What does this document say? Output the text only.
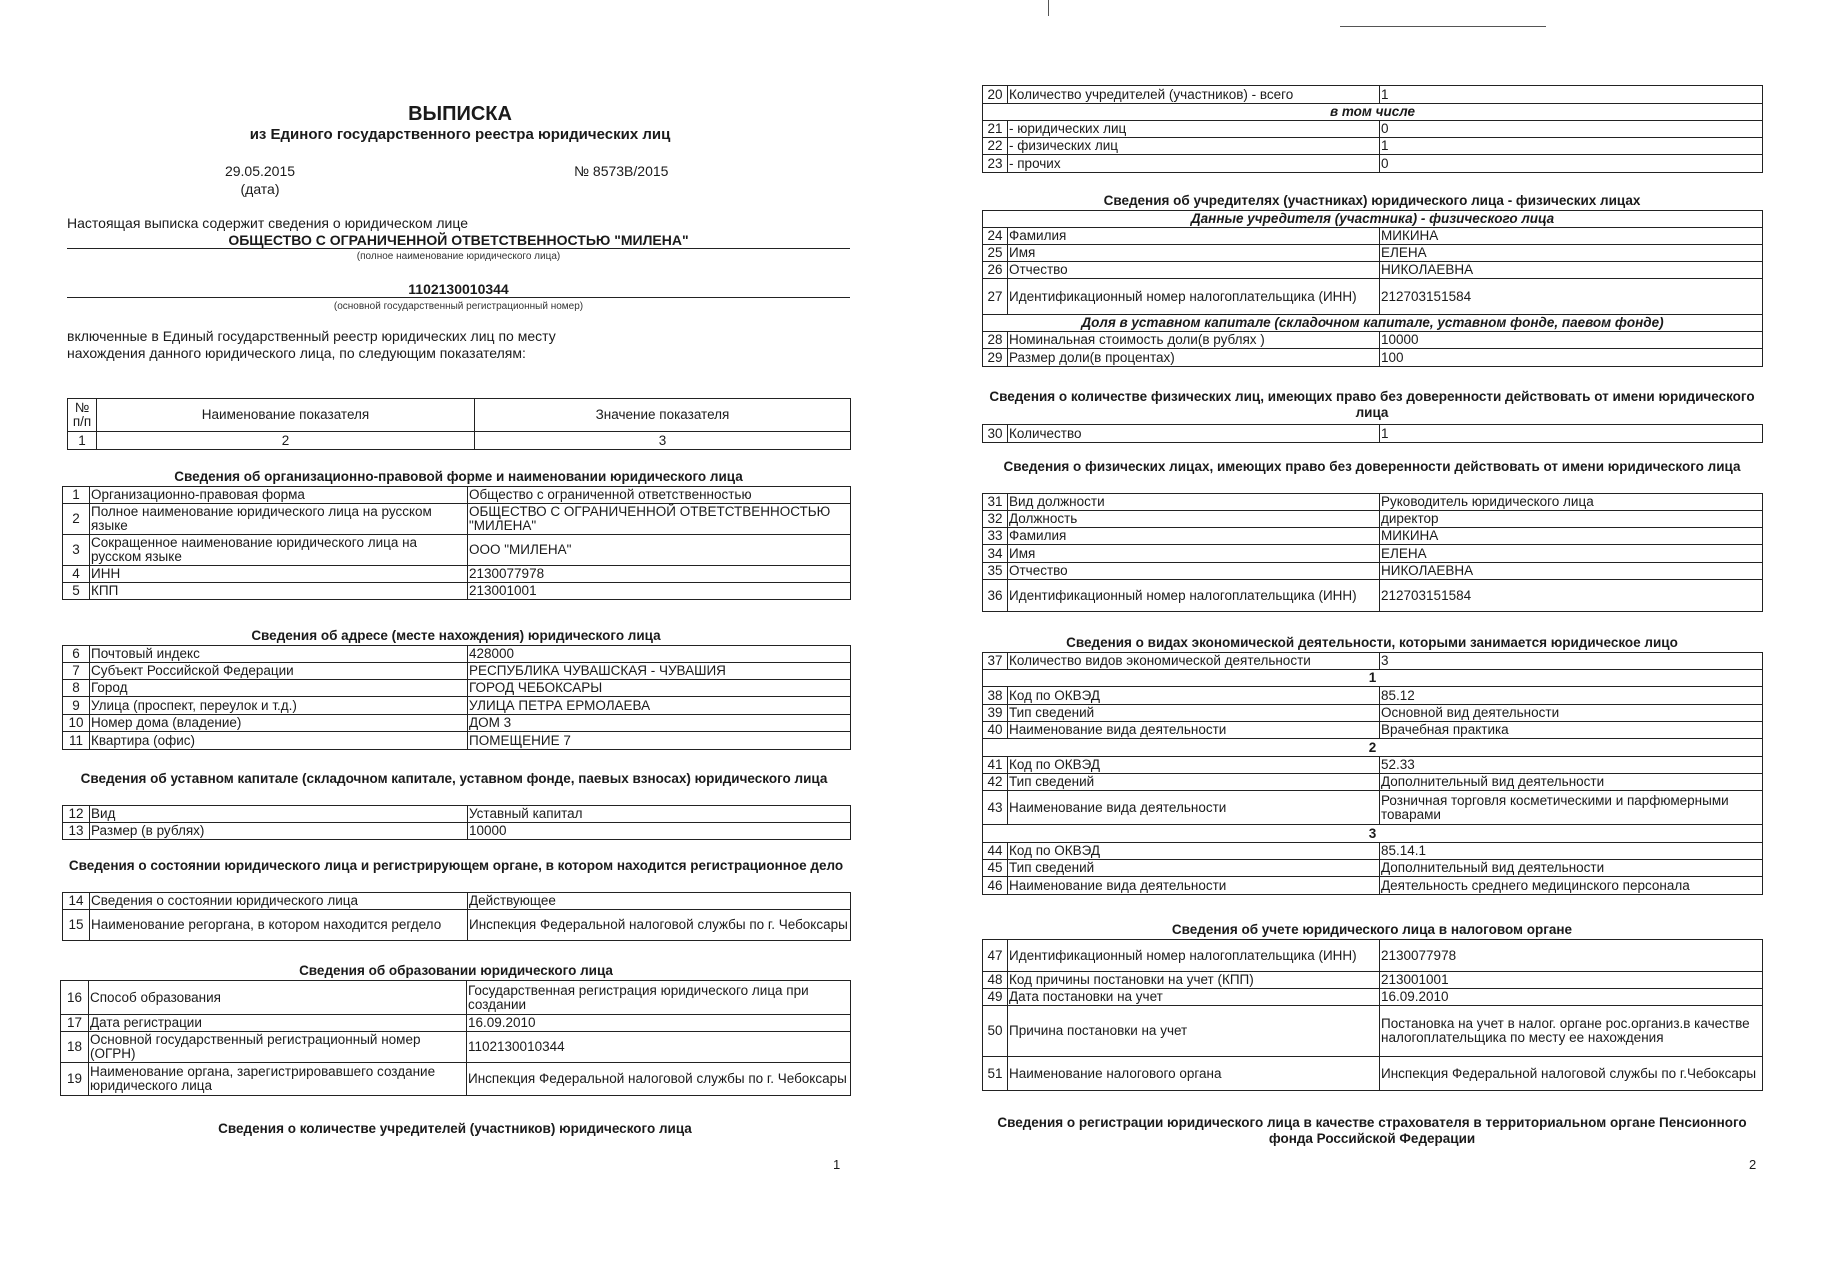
ВЫПИСКА
из Единого государственного реестра юридических лиц
29.05.2015
(дата)
№ 8573В/2015
Настоящая выписка содержит сведения о юридическом лице
ОБЩЕСТВО С ОГРАНИЧЕННОЙ ОТВЕТСТВЕННОСТЬЮ "МИЛЕНА"
(полное наименование юридического лица)
1102130010344
(основной государственный регистрационный номер)
включенные в Единый государственный реестр юридических лиц по месту
нахождения данного юридического лица, по следующим показателям:
№ п/п	Наименование показателя	Значение показателя
1	2	3
Сведения об организационно-правовой форме и наименовании юридического лица
1	Организационно-правовая форма	Общество с ограниченной ответственностью
2	Полное наименование юридического лица на русском языке	ОБЩЕСТВО С ОГРАНИЧЕННОЙ ОТВЕТСТВЕННОСТЬЮ "МИЛЕНА"
3	Сокращенное наименование юридического лица на русском языке	ООО "МИЛЕНА"
4	ИНН	2130077978
5	КПП	213001001
Сведения об адресе (месте нахождения) юридического лица
6	Почтовый индекс	428000
7	Субъект Российской Федерации	РЕСПУБЛИКА ЧУВАШСКАЯ - ЧУВАШИЯ
8	Город	ГОРОД ЧЕБОКСАРЫ
9	Улица (проспект, переулок и т.д.)	УЛИЦА ПЕТРА ЕРМОЛАЕВА
10	Номер дома (владение)	ДОМ 3
11	Квартира (офис)	ПОМЕЩЕНИЕ 7
Сведения об уставном капитале (складочном капитале, уставном фонде, паевых взносах) юридического лица
12	Вид	Уставный капитал
13	Размер (в рублях)	10000
Сведения о состоянии юридического лица и регистрирующем органе, в котором находится регистрационное дело
14	Сведения о состоянии юридического лица	Действующее
15	Наименование регоргана, в котором находится регдело	Инспекция Федеральной налоговой службы по г. Чебоксары
Сведения об образовании юридического лица
16	Способ образования	Государственная регистрация юридического лица при создании
17	Дата регистрации	16.09.2010
18	Основной государственный регистрационный номер (ОГРН)	1102130010344
19	Наименование органа, зарегистрировавшего создание юридического лица	Инспекция Федеральной налоговой службы по г. Чебоксары
Сведения о количестве учредителей (участников) юридического лица
1
20	Количество учредителей (участников) - всего	1
в том числе		
21	- юридических лиц	0
22	- физических лиц	1
23	- прочих	0
Сведения об учредителях (участниках) юридического лица - физических лицах
Данные учредителя (участника) - физического лица		
24	Фамилия	МИКИНА
25	Имя	ЕЛЕНА
26	Отчество	НИКОЛАЕВНА
27	Идентификационный номер налогоплательщика (ИНН)	212703151584
Доля в уставном капитале (складочном капитале, уставном фонде, паевом фонде)		
28	Номинальная стоимость доли(в рублях )	10000
29	Размер доли(в процентах)	100
Сведения о количестве физических лиц, имеющих право без доверенности действовать от имени юридического лица
30	Количество	1
Сведения о физических лицах, имеющих право без доверенности действовать от имени юридического лица
31	Вид должности	Руководитель юридического лица
32	Должность	директор
33	Фамилия	МИКИНА
34	Имя	ЕЛЕНА
35	Отчество	НИКОЛАЕВНА
36	Идентификационный номер налогоплательщика (ИНН)	212703151584
Сведения о видах экономической деятельности, которыми занимается юридическое лицо
37	Количество видов экономической деятельности	3
1		
38	Код по ОКВЭД	85.12
39	Тип сведений	Основной вид деятельности
40	Наименование вида деятельности	Врачебная практика
2		
41	Код по ОКВЭД	52.33
42	Тип сведений	Дополнительный вид деятельности
43	Наименование вида деятельности	Розничная торговля косметическими и парфюмерными товарами
3		
44	Код по ОКВЭД	85.14.1
45	Тип сведений	Дополнительный вид деятельности
46	Наименование вида деятельности	Деятельность среднего медицинского персонала
Сведения об учете юридического лица в налоговом органе
47	Идентификационный номер налогоплательщика (ИНН)	2130077978
48	Код причины постановки на учет (КПП)	213001001
49	Дата постановки на учет	16.09.2010
50	Причина постановки на учет	Постановка на учет в налог. органе рос.организ.в качестве налогоплательщика по месту ее нахождения
51	Наименование налогового органа	Инспекция Федеральной налоговой службы по г.Чебоксары
Сведения о регистрации юридического лица в качестве страхователя в территориальном органе Пенсионного фонда Российской Федерации
2
